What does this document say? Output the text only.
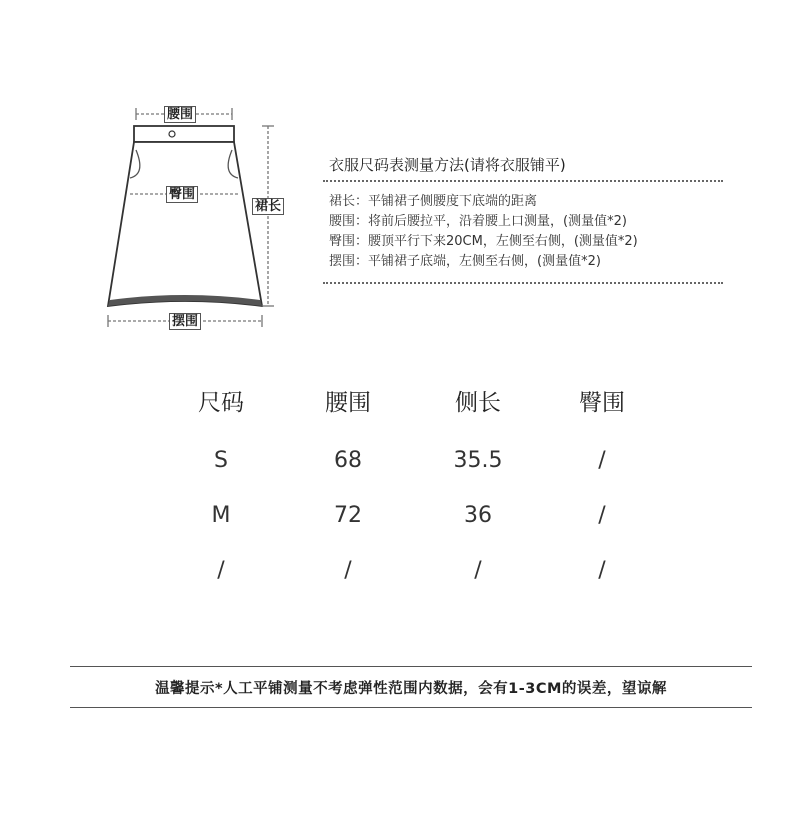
腰围
臀围
裙长
摆围
衣服尺码表测量方法(请将衣服铺平)
裙长：平铺裙子侧腰度下底端的距离
腰围：将前后腰拉平，沿着腰上口测量，(测量值*2)
臀围：腰顶平行下来20CM，左侧至右侧，(测量值*2)
摆围：平铺裙子底端，左侧至右侧，(测量值*2)
尺码	腰围	侧长	臀围
S	68	35.5	/
M	72	36	/
/	/	/	/
温馨提示*人工平铺测量不考虑弹性范围内数据，会有1-3CM的误差，望谅解
